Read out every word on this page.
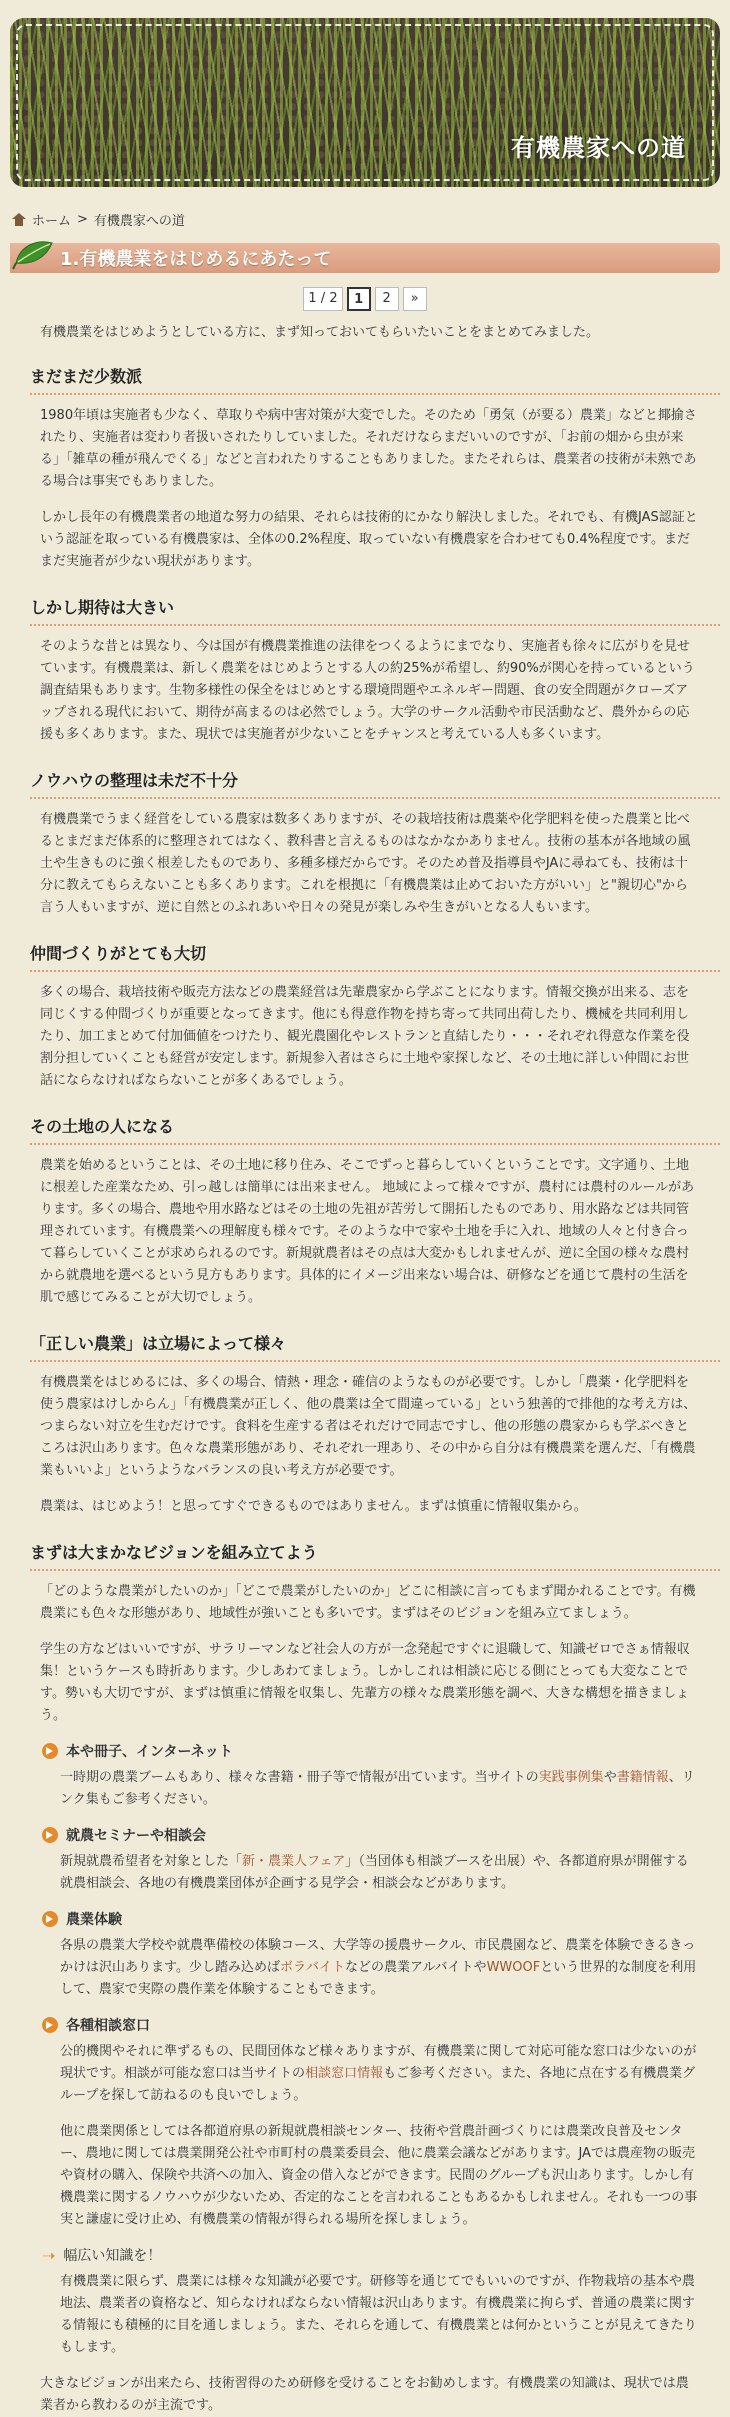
有機農家への道
ホーム > 有機農家への道
1.有機農業をはじめるにあたって
1 / 2	1	2	»

有機農業をはじめようとしている方に、まず知っておいてもらいたいことをまとめてみました。

まだまだ少数派

1980年頃は実施者も少なく、草取りや病中害対策が大変でした。そのため「勇気（が要る）農業」などと揶揄されたり、実施者は変わり者扱いされたりしていました。それだけならまだいいのですが、「お前の畑から虫が来る」「雑草の種が飛んでくる」などと言われたりすることもありました。またそれらは、農業者の技術が未熟である場合は事実でもありました。

しかし長年の有機農業者の地道な努力の結果、それらは技術的にかなり解決しました。それでも、有機JAS認証という認証を取っている有機農家は、全体の0.2%程度、取っていない有機農家を合わせても0.4%程度です。まだまだ実施者が少ない現状があります。

しかし期待は大きい

そのような昔とは異なり、今は国が有機農業推進の法律をつくるようにまでなり、実施者も徐々に広がりを見せています。有機農業は、新しく農業をはじめようとする人の約25%が希望し、約90%が関心を持っているという調査結果もあります。生物多様性の保全をはじめとする環境問題やエネルギー問題、食の安全問題がクローズアップされる現代において、期待が高まるのは必然でしょう。大学のサークル活動や市民活動など、農外からの応援も多くあります。また、現状では実施者が少ないことをチャンスと考えている人も多くいます。

ノウハウの整理は未だ不十分

有機農業でうまく経営をしている農家は数多くありますが、その栽培技術は農薬や化学肥料を使った農業と比べるとまだまだ体系的に整理されてはなく、教科書と言えるものはなかなかありません。技術の基本が各地域の風土や生きものに強く根差したものであり、多種多様だからです。そのため普及指導員やJAに尋ねても、技術は十分に教えてもらえないことも多くあります。これを根拠に「有機農業は止めておいた方がいい」と"親切心"から言う人もいますが、逆に自然とのふれあいや日々の発見が楽しみや生きがいとなる人もいます。

仲間づくりがとても大切

多くの場合、栽培技術や販売方法などの農業経営は先輩農家から学ぶことになります。情報交換が出来る、志を同じくする仲間づくりが重要となってきます。他にも得意作物を持ち寄って共同出荷したり、機械を共同利用したり、加工まとめて付加価値をつけたり、観光農園化やレストランと直結したり・・・それぞれ得意な作業を役割分担していくことも経営が安定します。新規参入者はさらに土地や家探しなど、その土地に詳しい仲間にお世話にならなければならないことが多くあるでしょう。

その土地の人になる

農業を始めるということは、その土地に移り住み、そこでずっと暮らしていくということです。文字通り、土地に根差した産業なため、引っ越しは簡単には出来ません。 地域によって様々ですが、農村には農村のルールがあります。多くの場合、農地や用水路などはその土地の先祖が苦労して開拓したものであり、用水路などは共同管理されています。有機農業への理解度も様々です。そのような中で家や土地を手に入れ、地域の人々と付き合って暮らしていくことが求められるのです。新規就農者はその点は大変かもしれませんが、逆に全国の様々な農村から就農地を選べるという見方もあります。具体的にイメージ出来ない場合は、研修などを通じて農村の生活を肌で感じてみることが大切でしょう。

「正しい農業」は立場によって様々

有機農業をはじめるには、多くの場合、情熱・理念・確信のようなものが必要です。しかし「農薬・化学肥料を使う農家はけしからん」「有機農業が正しく、他の農業は全て間違っている」という独善的で排他的な考え方は、つまらない対立を生むだけです。食料を生産する者はそれだけで同志ですし、他の形態の農家からも学ぶべきところは沢山あります。色々な農業形態があり、それぞれ一理あり、その中から自分は有機農業を選んだ、「有機農業もいいよ」というようなバランスの良い考え方が必要です。

農業は、はじめよう！と思ってすぐできるものではありません。まずは慎重に情報収集から。

まずは大まかなビジョンを組み立てよう

「どのような農業がしたいのか」「どこで農業がしたいのか」どこに相談に言ってもまず聞かれることです。有機農業にも色々な形態があり、地域性が強いことも多いです。まずはそのビジョンを組み立てましょう。

学生の方などはいいですが、サラリーマンなど社会人の方が一念発起ですぐに退職して、知識ゼロでさぁ情報収集！というケースも時折あります。少しあわてましょう。しかしこれは相談に応じる側にとっても大変なことです。勢いも大切ですが、まずは慎重に情報を収集し、先輩方の様々な農業形態を調べ、大きな構想を描きましょう。

本や冊子、インターネット

一時期の農業ブームもあり、様々な書籍・冊子等で情報が出ています。当サイトの実践事例集や書籍情報、リンク集もご参考ください。

就農セミナーや相談会

新規就農希望者を対象とした「新・農業人フェア」（当団体も相談ブースを出展）や、各都道府県が開催する就農相談会、各地の有機農業団体が企画する見学会・相談会などがあります。

農業体験

各県の農業大学校や就農準備校の体験コース、大学等の援農サークル、市民農園など、農業を体験できるきっかけは沢山あります。少し踏み込めばボラバイトなどの農業アルバイトやWWOOFという世界的な制度を利用して、農家で実際の農作業を体験することもできます。

各種相談窓口

公的機関やそれに準ずるもの、民間団体など様々ありますが、有機農業に関して対応可能な窓口は少ないのが現状です。相談が可能な窓口は当サイトの相談窓口情報もご参考ください。また、各地に点在する有機農業グループを探して訪ねるのも良いでしょう。

他に農業関係としては各都道府県の新規就農相談センター、技術や営農計画づくりには農業改良普及センター、農地に関しては農業開発公社や市町村の農業委員会、他に農業会議などがあります。JAでは農産物の販売や資材の購入、保険や共済への加入、資金の借入などができます。民間のグループも沢山あります。しかし有機農業に関するノウハウが少ないため、否定的なことを言われることもあるかもしれません。それも一つの事実と謙虚に受け止め、有機農業の情報が得られる場所を探しましょう。

➝ 幅広い知識を！

有機農業に限らず、農業には様々な知識が必要です。研修等を通じてでもいいのですが、作物栽培の基本や農地法、農業者の資格など、知らなければならない情報は沢山あります。有機農業に拘らず、普通の農業に関する情報にも積極的に目を通しましょう。また、それらを通して、有機農業とは何かということが見えてきたりもします。

大きなビジョンが出来たら、技術習得のため研修を受けることをお勧めします。有機農業の知識は、現状では農業者から教わるのが主流です。
